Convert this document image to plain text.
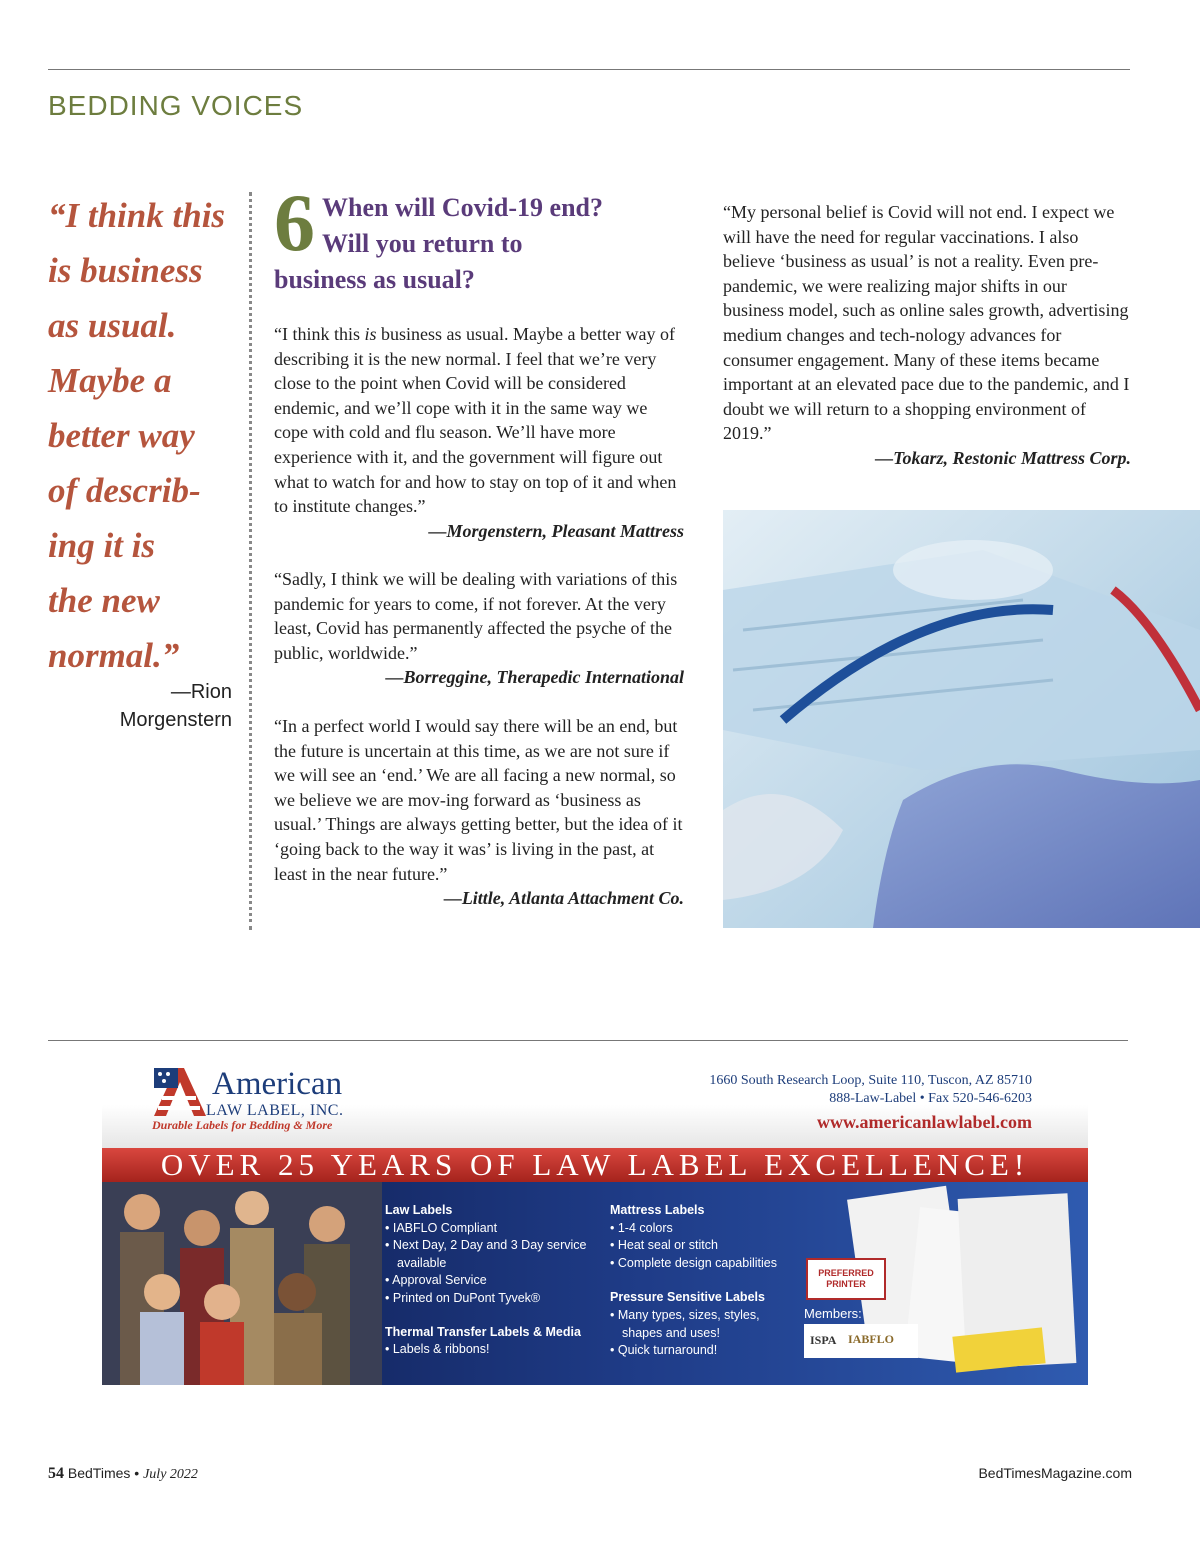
BEDDING VOICES
“I think this
is business
as usual.
Maybe a
better way
of describ-
ing it is
the new
normal.”
—Rion
Morgenstern
6 When will Covid-19 end?
Will you return to
business as usual?

“I think this is business as usual. Maybe a better way of describing it is the new normal. I feel that we’re very close to the point when Covid will be considered endemic, and we’ll cope with it in the same way we cope with cold and flu season. We’ll have more experience with it, and the government will figure out what to watch for and how to stay on top of it and when to institute changes.”

—Morgenstern, Pleasant Mattress

“Sadly, I think we will be dealing with variations of this pandemic for years to come, if not forever. At the very least, Covid has permanently affected the psyche of the public, worldwide.”

—Borreggine, Therapedic International

“In a perfect world I would say there will be an end, but the future is uncertain at this time, as we are not sure if we will see an ‘end.’ We are all facing a new normal, so we believe we are mov-ing forward as ‘business as usual.’ Things are always getting better, but the idea of it ‘going back to the way it was’ is living in the past, at least in the near future.”

—Little, Atlanta Attachment Co.

“My personal belief is Covid will not end. I expect we will have the need for regular vaccinations. I also believe ‘business as usual’ is not a reality. Even pre-pandemic, we were realizing major shifts in our business model, such as online sales growth, advertising medium changes and tech-nology advances for consumer engagement. Many of these items became important at an elevated pace due to the pandemic, and I doubt we will return to a shopping environment of 2019.”

—Tokarz, Restonic Mattress Corp.

American
LAW LABEL, INC.
Durable Labels for Bedding & More
1660 South Research Loop, Suite 110, Tuscon, AZ 85710
888-Law-Label • Fax 520-546-6203
www.americanlawlabel.com
OVER 25 YEARS OF LAW LABEL EXCELLENCE!
Law Labels
• IABFLO Compliant
• Next Day, 2 Day and 3 Day service available
• Approval Service
• Printed on DuPont Tyvek®
Thermal Transfer Labels & Media
• Labels & ribbons!
Mattress Labels
• 1-4 colors
• Heat seal or stitch
• Complete design capabilities
Pressure Sensitive Labels
• Many types, sizes, styles, shapes and uses!
• Quick turnaround!
PREFERRED PRINTER
Members:
ISPA IABFLO
54 BedTimes • July 2022	BedTimesMagazine.com
